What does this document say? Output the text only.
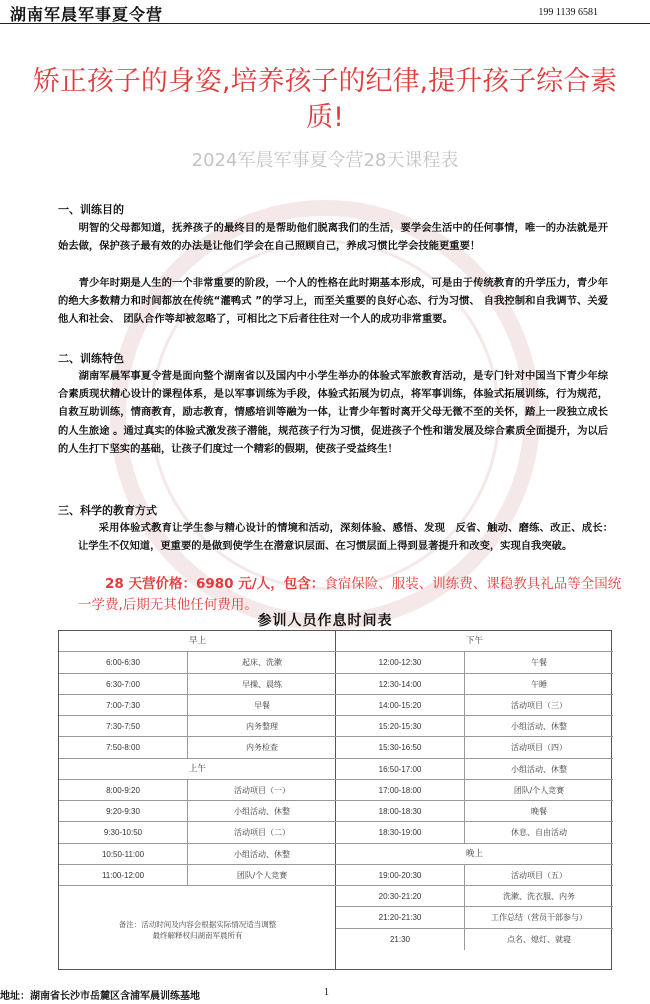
湖南军晨军事夏令营	199 1139 6581
矫正孩子的身姿,培养孩子的纪律,提升孩子综合素质!
2024军晨军事夏令营28天课程表
一、训练目的

明智的父母都知道，抚养孩子的最终目的是帮助他们脱离我们的生活，要学会生活中的任何事情，唯一的办法就是开始去做，保护孩子最有效的办法是让他们学会在自己照顾自己，养成习惯比学会技能更重要！

青少年时期是人生的一个非常重要的阶段，一个人的性格在此时期基本形成，可是由于传统教育的升学压力，青少年的绝大多数精力和时间都放在传统“灌鸭式 ”的学习上，而至关重要的良好心态、行为习惯、 自我控制和自我调节、关爱他人和社会、 团队合作等却被忽略了，可相比之下后者往往对一个人的成功非常重要。

二、训练特色

湖南军晨军事夏令营是面向整个湖南省以及国内中小学生举办的体验式军旅教育活动，是专门针对中国当下青少年综合素质现状精心设计的课程体系，是以军事训练为手段，体验式拓展为切点，将军事训练，体验式拓展训练，行为规范，自救互助训练，情商教育，励志教育，情感培训等融为一体，让青少年暂时离开父母无微不至的关怀，踏上一段独立成长的人生旅途 。通过真实的体验式激发孩子潜能，规范孩子行为习惯，促进孩子个性和谐发展及综合素质全面提升，为以后的人生打下坚实的基础，让孩子们度过一个精彩的假期，使孩子受益终生！

三、科学的教育方式

采用体验式教育让学生参与精心设计的情境和活动，深刻体验、感悟、发现　反省、触动、磨练、改正、成长：让学生不仅知道，更重要的是做到使学生在潜意识层面、在习惯层面上得到显著提升和改变，实现自我突破。

28 天营价格：6980 元/人，包含：食宿保险、服装、训练费、课稳教具礼品等全国统一学费,后期无其他任何费用。
参训人员作息时间表
早上
6:00-6:30	起床、洗漱
6:30-7:00	早操、晨练
7:00-7:30	早餐
7:30-7:50	内务整理
7:50-8:00	内务检查
上午
8:00-9:20	活动项目（一）
9:20-9:30	小组活动、休整
9:30-10:50	活动项目（二）
10:50-11:00	小组活动、休整
11:00-12:00	团队/个人竞赛
备注：活动时间及内容会根据实际情况适当调整
最终解释权归湖南军晨所有
下午
12:00-12:30	午餐
12:30-14:00	午睡
14:00-15:20	活动项目（三）
15:20-15:30	小组活动、休整
15:30-16:50	活动项目（四）
16:50-17:00	小组活动、休整
17:00-18:00	团队/个人竞赛
18:00-18:30	晚餐
18:30-19:00	休息、自由活动
晚上
19:00-20:30	活动项目（五）
20:30-21:20	洗漱、洗衣服、内务
21:20-21:30	工作总结（营员干部参与）
21:30	点名、熄灯、就寝
地址：湖南省长沙市岳麓区含浦军晨训练基地	1
